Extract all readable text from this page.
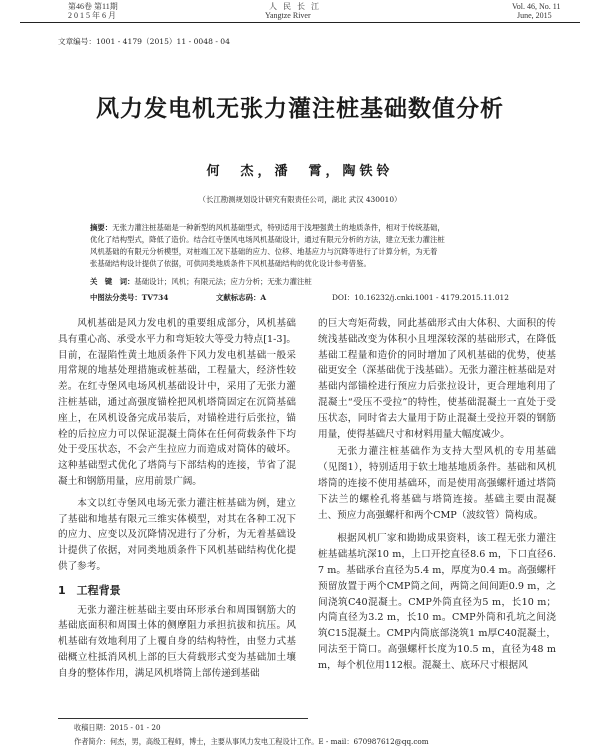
第46卷 第11期
2 0 1 5 年 6 月
人 民 长 江
Yangtze River
Vol. 46, No. 11
June, 2015
文章编号：1001 - 4179（2015）11 - 0048 - 04
风力发电机无张力灌注桩基础数值分析
何　杰，潘　霄，陶铁铃
（长江勘测规划设计研究有限责任公司，湖北 武汉 430010）
摘要：无张力灌注桩基础是一种新型的风机基础型式，特别适用于浅埋强黄土的地质条件，相对于传统基础，
优化了结构型式，降低了造价。结合红寺堡风电场风机基础设计，通过有限元分析的方法，建立无张力灌注桩
风机基础的有限元分析模型，对桩端工况下基础的应力、位移、地基应力与沉降等进行了计算分析，为无着
张基础结构设计提供了依据，可供同类地质条件下风机基础结构的优化设计参考借鉴。
关　键　词：基础设计；风机；有限元法；应力分析；无张力灌注桩
中图法分类号：TV734	文献标志码：A	DOI：10.16232/j.cnki.1001 - 4179.2015.11.012

风机基础是风力发电机的重要组成部分，风机基础具有重心高、承受水平力和弯矩较大等受力特点[1-3]。目前，在湿陷性黄土地质条件下风力发电机基础一般采用常规的地基处理措施或桩基础，工程量大，经济性较差。在红寺堡风电场风机基础设计中，采用了无张力灌注桩基础，通过高强度锚栓把风机塔筒固定在沉筒基础座上，在风机设备完成吊装后，对锚栓进行后张拉，锚栓的后拉应力可以保证混凝土筒体在任何荷载条件下均处于受压状态，不会产生拉应力而造成对筒体的破坏。这种基础型式优化了塔筒与下部结构的连接，节省了混凝土和钢筋用量，应用前景广阔。

本文以红寺堡风电场无张力灌注桩基础为例，建立了基础和地基有限元三维实体模型，对其在各种工况下的应力、应变以及沉降情况进行了分析，为无着基础设计提供了依据，对同类地质条件下风机基础结构优化提供了参考。

1　工程背景

无张力灌注桩基础主要由环形承台和周围钢筋大的基础底面积和周围土体的侧摩阻力承担抗拔和抗压。风机基础有效地利用了上覆自身的结构特性，由竖力式基础概立柱抵消风机上部的巨大荷载形式变为基础加土壤自身的整体作用，满足风机塔筒上部传递到基础

的巨大弯矩荷载，同此基础形式由大体积、大面积的传统浅基础改变为体积小且埋深较深的基础形式，在降低基础工程量和造价的同时增加了风机基础的优势，使基础更安全（深基础优于浅基础）。无张力灌注桩基础是对基础内部锚栓进行预应力后张拉设计，更合理地利用了混凝土“受压不受拉”的特性，使基础混凝土一直处于受压状态，同时省去大量用于防止混凝土受拉开裂的钢筋用量，使得基础尺寸和材料用量大幅度减少。

无张力灌注桩基础作为支持大型风机的专用基础（见图1），特别适用于软土地基地质条件。基础和风机塔筒的连接不使用基础环，而是使用高强螺杆通过塔筒下法兰的螺栓孔将基础与塔筒连接。基础主要由混凝土、预应力高强螺杆和两个CMP（波纹管）筒构成。

根据风机厂家和勘勘成果资料，该工程无张力灌注桩基础基坑深10 m，上口开挖直径8.6 m，下口直径6.7 m。基础承台直径为5.4 m，厚度为0.4 m。高强螺杆预留放置于两个CMP筒之间，两筒之间间距0.9 m，之间浇筑C40混凝土。CMP外筒直径为5 m，长10 m；内筒直径为3.2 m，长10 m。CMP外筒和孔坑之间浇筑C15混凝土。CMP内筒底部浇筑1 m厚C40混凝土，同法至于筒口。高强螺杆长度为10.5 m，直径为48 mm，每个机位用112根。混凝土、底环尺寸根据风

收稿日期：2015 - 01 - 20
作者简介：何杰，男，高级工程师，博士，主要从事风力发电工程设计工作。E - mail：670987612@qq.com
